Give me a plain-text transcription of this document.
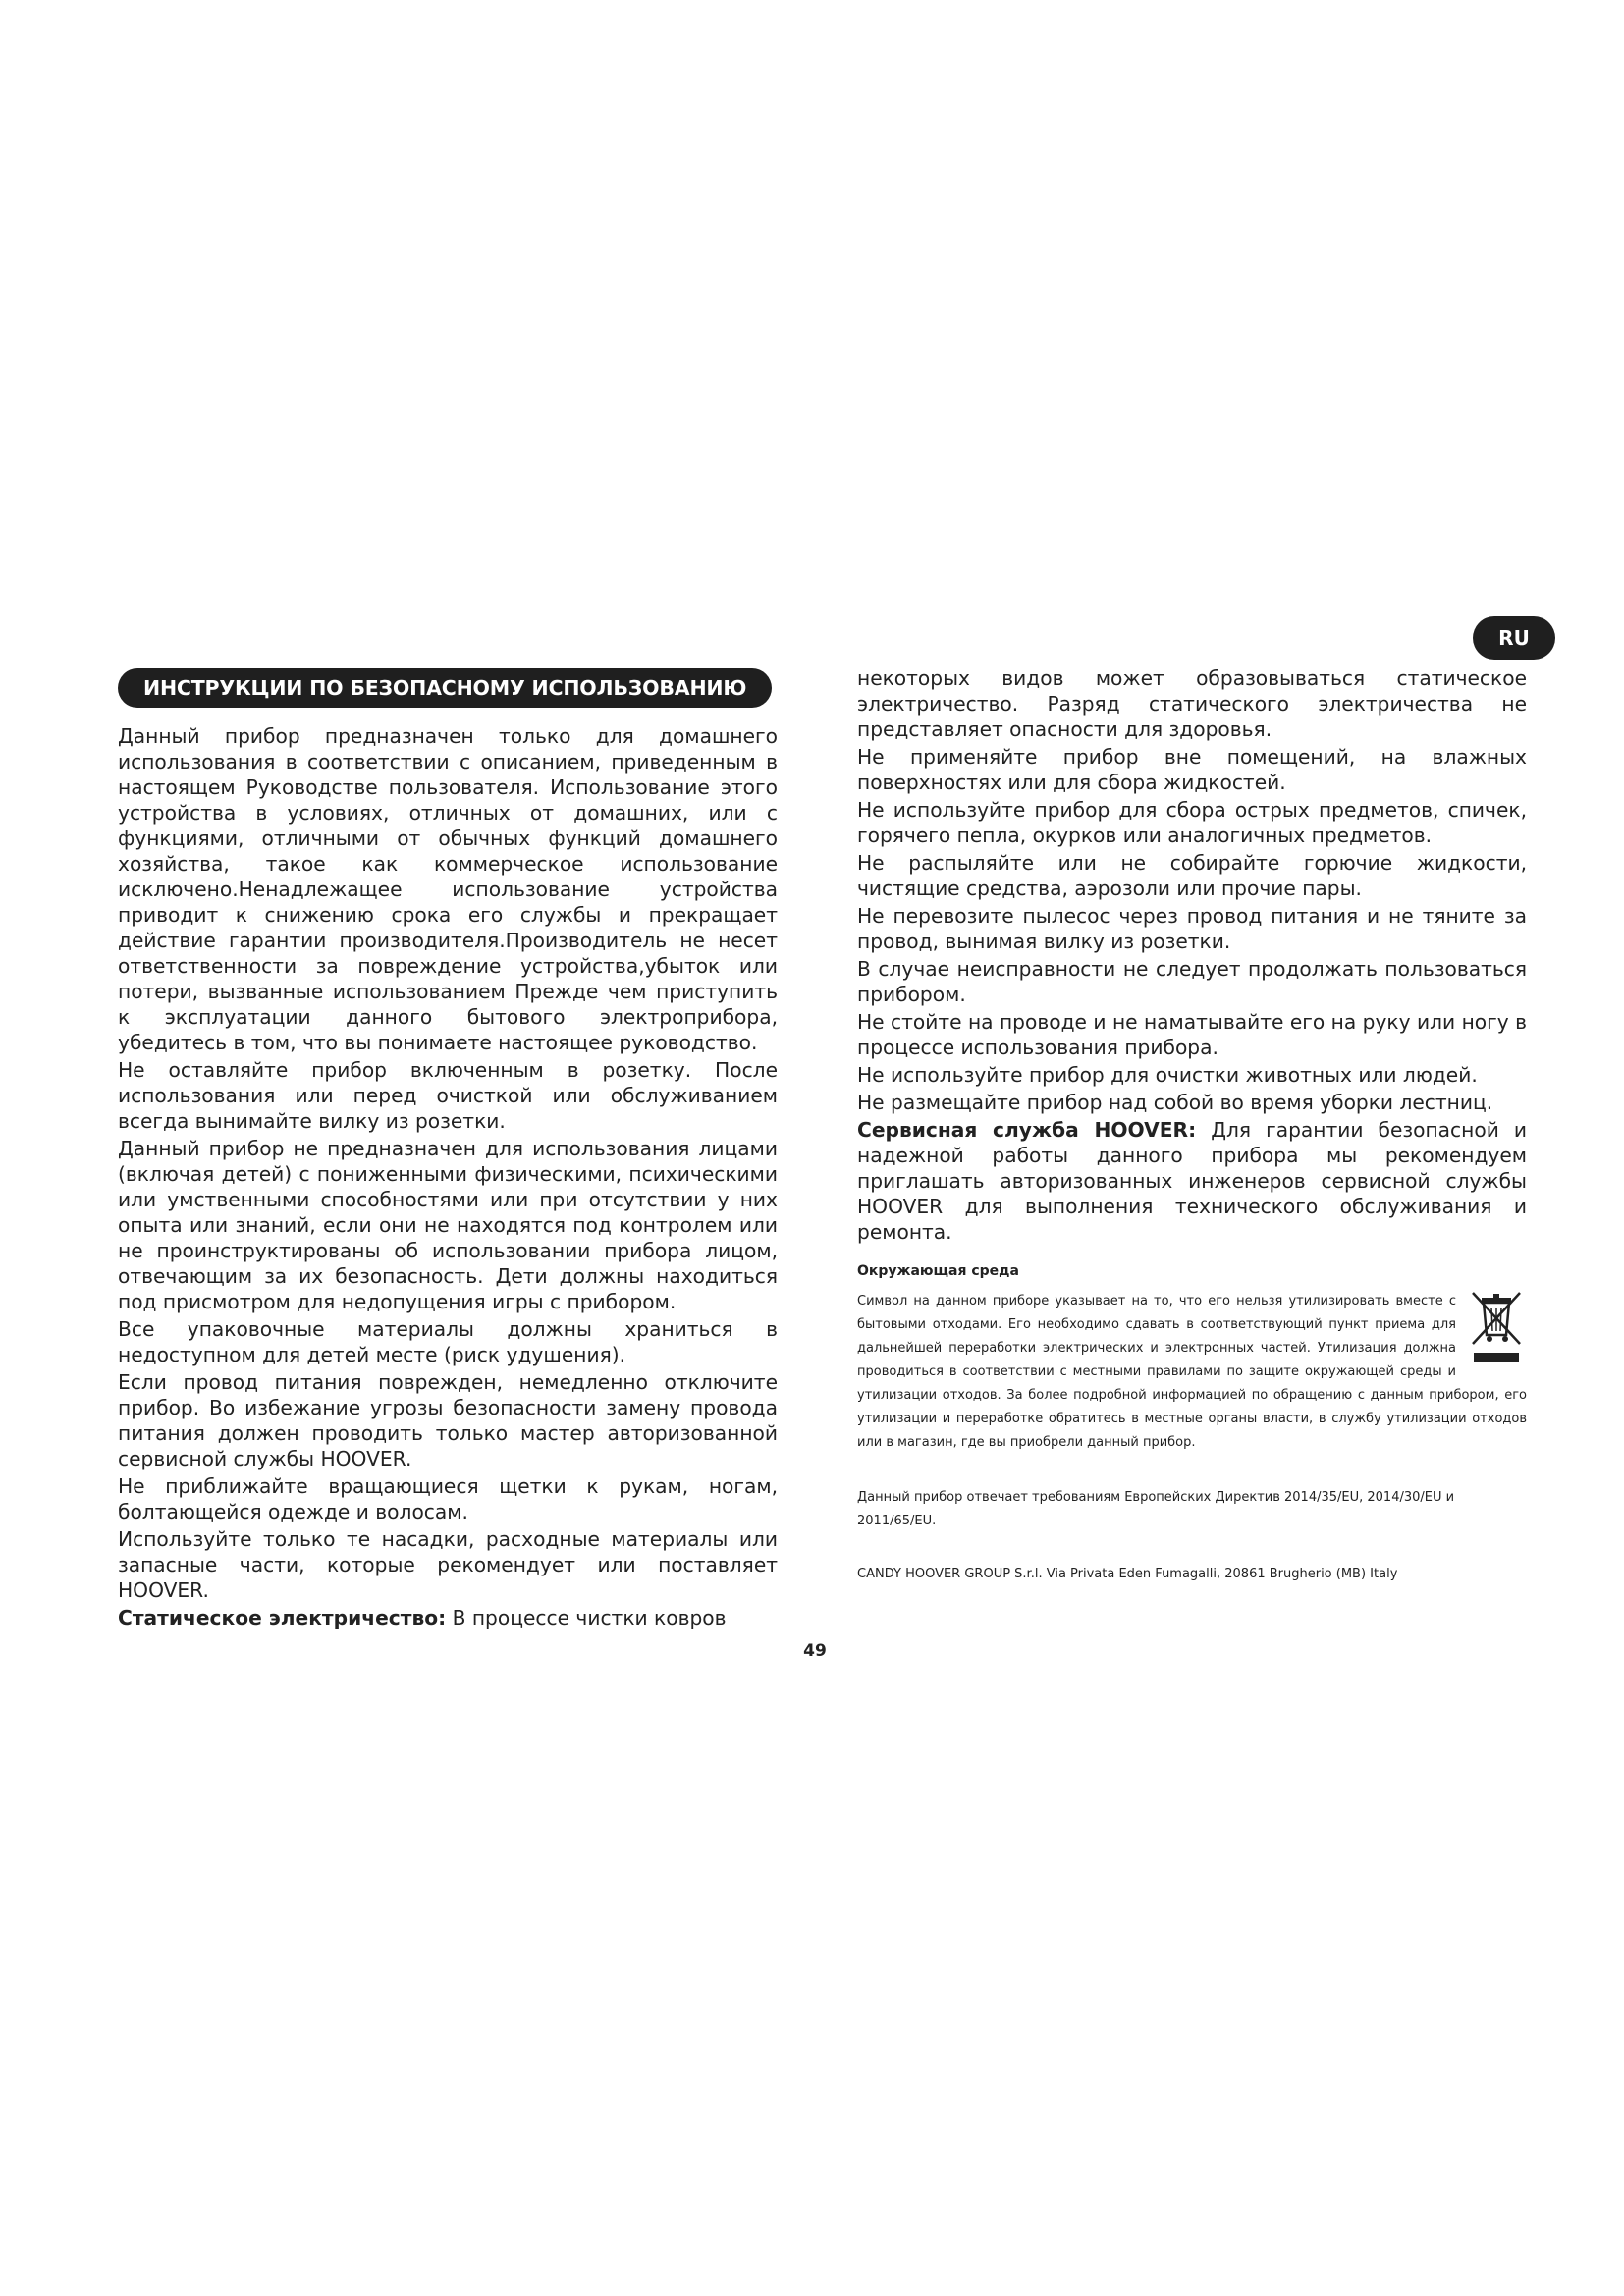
RU
ИНСТРУКЦИИ ПО БЕЗОПАСНОМУ ИСПОЛЬЗОВАНИЮ

Данный прибор предназначен только для домашнего использования в соответствии с описанием, приведенным в настоящем Руководстве пользователя. Использование этого устройства в условиях, отличных от домашних, или с функциями, отличными от обычных функций домашнего хозяйства, такое как коммерческое использование исключено.Ненадлежащее использование устройства приводит к снижению срока его службы и прекращает действие гарантии производителя.Производитель не несет ответственности за повреждение устройства,убыток или потери, вызванные использованием Прежде чем приступить к эксплуатации данного бытового электроприбора, убедитесь в том, что вы понимаете настоящее руководство.

Не оставляйте прибор включенным в розетку. После использования или перед очисткой или обслуживанием всегда вынимайте вилку из розетки.

Данный прибор не предназначен для использования лицами (включая детей) с пониженными физическими, психическими или умственными способностями или при отсутствии у них опыта или знаний, если они не находятся под контролем или не проинструктированы об использовании прибора лицом, отвечающим за их безопасность. Дети должны находиться под присмотром для недопущения игры с прибором.

Все упаковочные материалы должны храниться в недоступном для детей месте (риск удушения).

Если провод питания поврежден, немедленно отключите прибор. Во избежание угрозы безопасности замену провода питания должен проводить только мастер авторизованной сервисной службы HOOVER.

Не приближайте вращающиеся щетки к рукам, ногам, болтающейся одежде и волосам.

Используйте только те насадки, расходные материалы или запасные части, которые рекомендует или поставляет HOOVER.

Статическое электричество: В процессе чистки ковров

некоторых видов может образовываться статическое электричество. Разряд статического электричества не представляет опасности для здоровья.

Не применяйте прибор вне помещений, на влажных поверхностях или для сбора жидкостей.

Не используйте прибор для сбора острых предметов, спичек, горячего пепла, окурков или аналогичных предметов.

Не распыляйте или не собирайте горючие жидкости, чистящие средства, аэрозоли или прочие пары.

Не перевозите пылесос через провод питания и не тяните за провод, вынимая вилку из розетки.

В случае неисправности не следует продолжать пользоваться прибором.

Не стойте на проводе и не наматывайте его на руку или ногу в процессе использования прибора.

Не используйте прибор для очистки животных или людей.

Не размещайте прибор над собой во время уборки лестниц.

Сервисная служба HOOVER: Для гарантии безопасной и надежной работы данного прибора мы рекомендуем приглашать авторизованных инженеров сервисной службы HOOVER для выполнения технического обслуживания и ремонта.

Окружающая среда
Символ на данном приборе указывает на то, что его нельзя утилизировать вместе с бытовыми отходами. Его необходимо сдавать в соответствующий пункт приема для дальнейшей переработки электрических и электронных частей. Утилизация должна проводиться в соответствии с местными правилами по защите окружающей среды и утилизации отходов. За более подробной информацией по обращению с данным прибором, его утилизации и переработке обратитесь в местные органы власти, в службу утилизации отходов или в магазин, где вы приобрели данный прибор.
Данный прибор отвечает требованиям Европейских Директив 2014/35/EU, 2014/30/EU и 2011/65/EU.
CANDY HOOVER GROUP S.r.l. Via Privata Eden Fumagalli, 20861 Brugherio (MB) Italy
49
